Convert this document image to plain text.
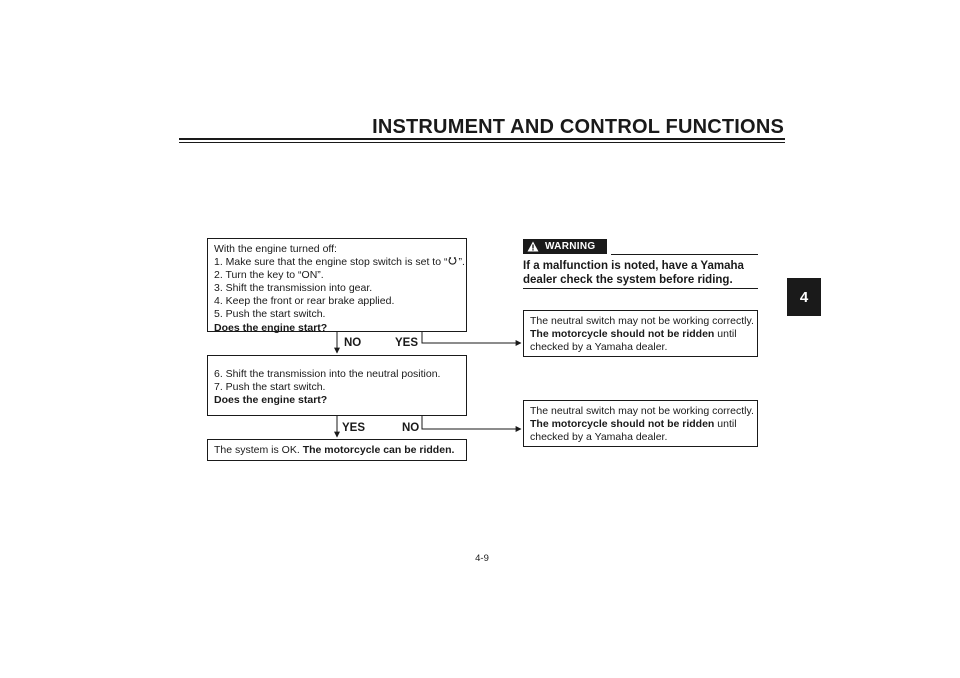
INSTRUMENT AND CONTROL FUNCTIONS
4
With the engine turned off:
1. Make sure that the engine stop switch is set to “ ”.
2. Turn the key to “ON”.
3. Shift the transmission into gear.
4. Keep the front or rear brake applied.
5. Push the start switch.
Does the engine start?
NO	YES
6. Shift the transmission into the neutral position.
7. Push the start switch.
Does the engine start?
YES	NO
The system is OK. The motorcycle can be ridden.
The neutral switch may not be working correctly.
The motorcycle should not be ridden until
checked by a Yamaha dealer.
The neutral switch may not be working correctly.
The motorcycle should not be ridden until
checked by a Yamaha dealer.
WARNING
If a malfunction is noted, have a Yamaha
dealer check the system before riding.
4-9
